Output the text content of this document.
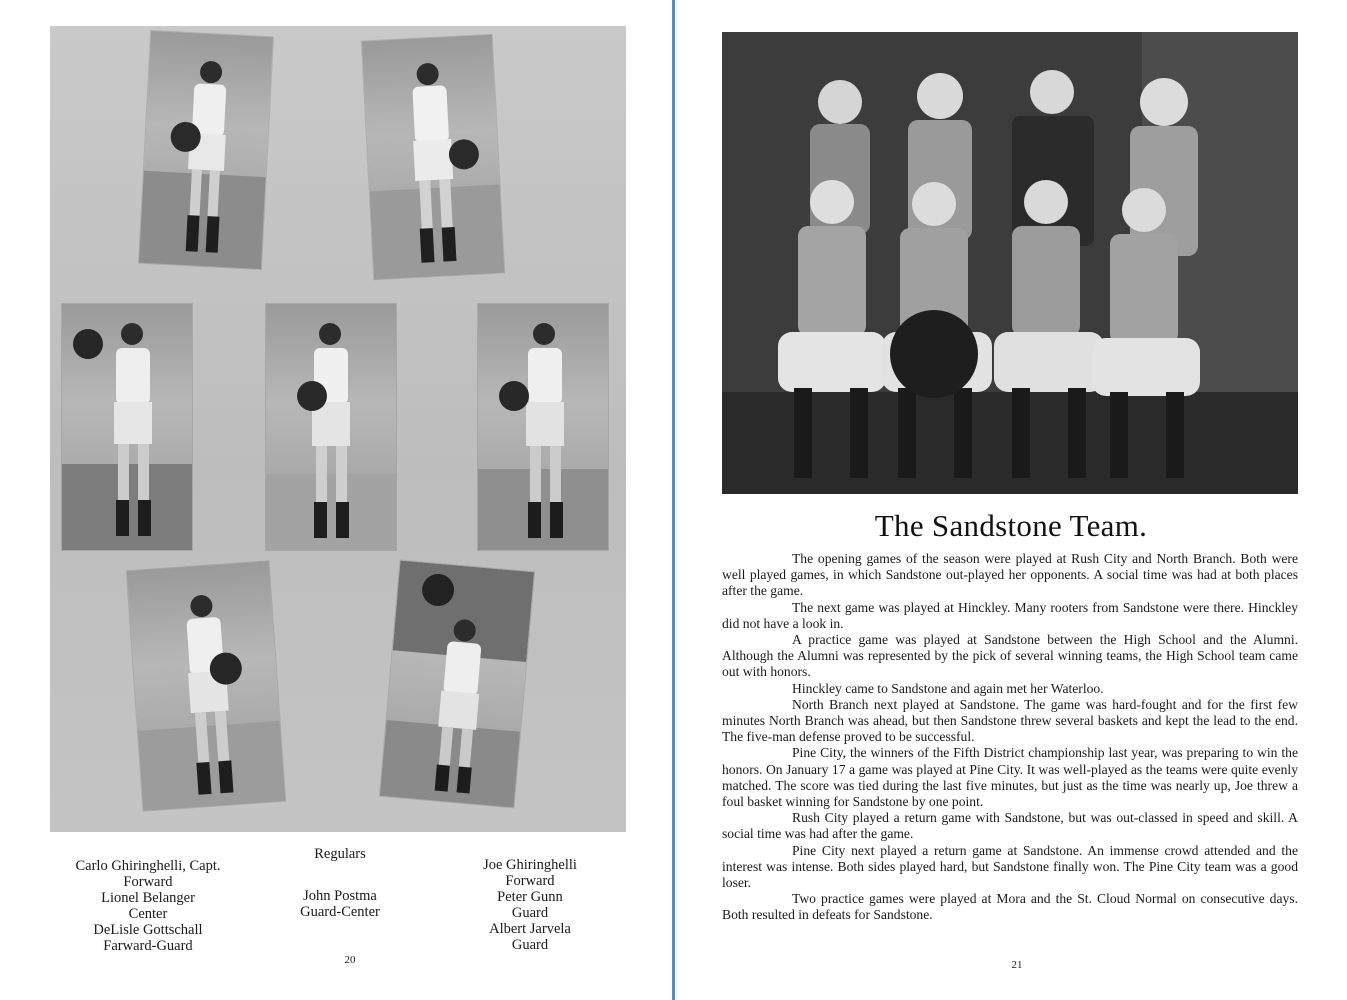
Carlo Ghiringhelli, Capt.
Forward
Lionel Belanger
Center
DeLisle Gottschall
Farward-Guard
Regulars
John Postma
Guard-Center
Joe Ghiringhelli
Forward
Peter Gunn
Guard
Albert Jarvela
Guard
20
The Sandstone Team.

The opening games of the season were played at Rush City and North Branch. Both were well played games, in which Sandstone out-played her opponents. A social time was had at both places after the game.

The next game was played at Hinckley. Many rooters from Sandstone were there. Hinckley did not have a look in.

A practice game was played at Sandstone between the High School and the Alumni. Although the Alumni was represented by the pick of several winning teams, the High School team came out with honors.

Hinckley came to Sandstone and again met her Waterloo.

North Branch next played at Sandstone. The game was hard-fought and for the first few minutes North Branch was ahead, but then Sandstone threw several baskets and kept the lead to the end. The five-man defense proved to be successful.

Pine City, the winners of the Fifth District championship last year, was preparing to win the honors. On January 17 a game was played at Pine City. It was well-played as the teams were quite evenly matched. The score was tied during the last five minutes, but just as the time was nearly up, Joe threw a foul basket winning for Sandstone by one point.

Rush City played a return game with Sandstone, but was out-classed in speed and skill. A social time was had after the game.

Pine City next played a return game at Sandstone. An immense crowd attended and the interest was intense. Both sides played hard, but Sandstone finally won. The Pine City team was a good loser.

Two practice games were played at Mora and the St. Cloud Normal on consecutive days. Both resulted in defeats for Sandstone.

21
